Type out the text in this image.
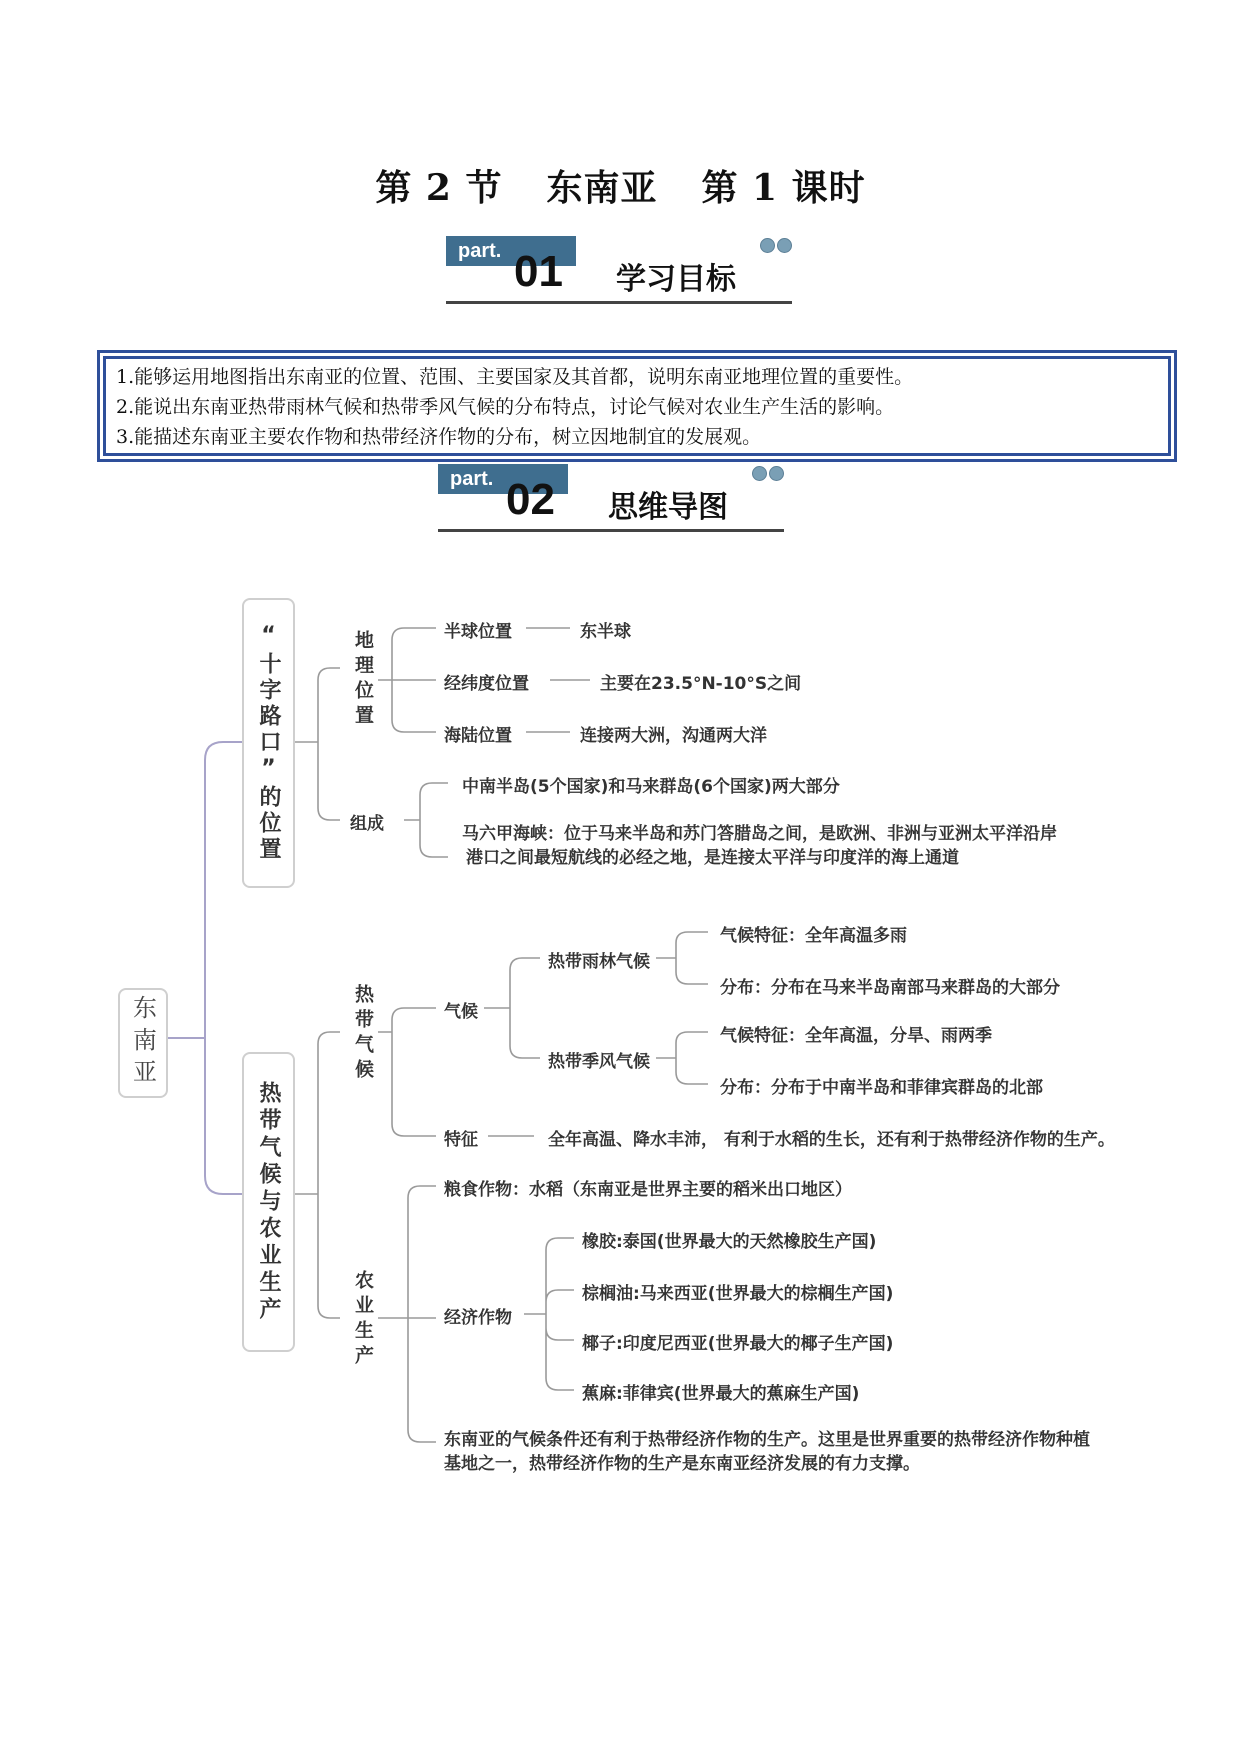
第 2 节 东南亚 第 1 课时
part. 01 学习目标
1.能够运用地图指出东南亚的位置、范围、主要国家及其首都，说明东南亚地理位置的重要性。
2.能说出东南亚热带雨林气候和热带季风气候的分布特点，讨论气候对农业生产生活的影响。
3.能描述东南亚主要农作物和热带经济作物的分布，树立因地制宜的发展观。
part. 02 思维导图
东南亚
“十字路口”的位置	地理位置	半球位置	东半球
经纬度位置	主要在23.5°N-10°S之间
海陆位置	连接两大洲，沟通两大洋
组成
中南半岛(5个国家)和马来群岛(6个国家)两大部分
马六甲海峡：位于马来半岛和苏门答腊岛之间，是欧洲、非洲与亚洲太平洋沿岸
港口之间最短航线的必经之地，是连接太平洋与印度洋的海上通道
热带气候与农业生产
热带气候	气候
热带雨林气候
气候特征：全年高温多雨
分布：分布在马来半岛南部马来群岛的大部分
热带季风气候
气候特征：全年高温，分旱、雨两季
分布：分布于中南半岛和菲律宾群岛的北部
特征	全年高温、降水丰沛， 有利于水稻的生长，还有利于热带经济作物的生产。
农业生产
粮食作物：水稻（东南亚是世界主要的稻米出口地区）
经济作物
橡胶:泰国(世界最大的天然橡胶生产国)
棕榈油:马来西亚(世界最大的棕榈生产国)
椰子:印度尼西亚(世界最大的椰子生产国)
蕉麻:菲律宾(世界最大的蕉麻生产国)
东南亚的气候条件还有利于热带经济作物的生产。这里是世界重要的热带经济作物种植
基地之一，热带经济作物的生产是东南亚经济发展的有力支撑。
